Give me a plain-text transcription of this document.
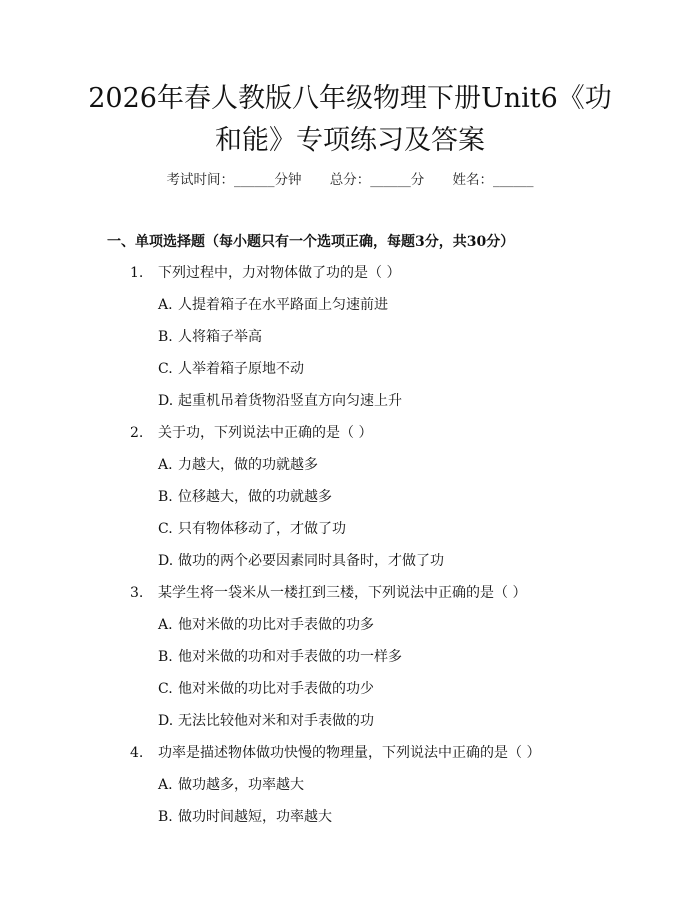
2026年春人教版八年级物理下册Unit6《功
和能》专项练习及答案
考试时间：______分钟 总分：______分 姓名：______
一、单项选择题（每小题只有一个选项正确，每题3分，共30分）
1. 下列过程中，力对物体做了功的是（ ）
A. 人提着箱子在水平路面上匀速前进
B. 人将箱子举高
C. 人举着箱子原地不动
D. 起重机吊着货物沿竖直方向匀速上升
2. 关于功，下列说法中正确的是（ ）
A. 力越大，做的功就越多
B. 位移越大，做的功就越多
C. 只有物体移动了，才做了功
D. 做功的两个必要因素同时具备时，才做了功
3. 某学生将一袋米从一楼扛到三楼，下列说法中正确的是（ ）
A. 他对米做的功比对手表做的功多
B. 他对米做的功和对手表做的功一样多
C. 他对米做的功比对手表做的功少
D. 无法比较他对米和对手表做的功
4. 功率是描述物体做功快慢的物理量，下列说法中正确的是（ ）
A. 做功越多，功率越大
B. 做功时间越短，功率越大
